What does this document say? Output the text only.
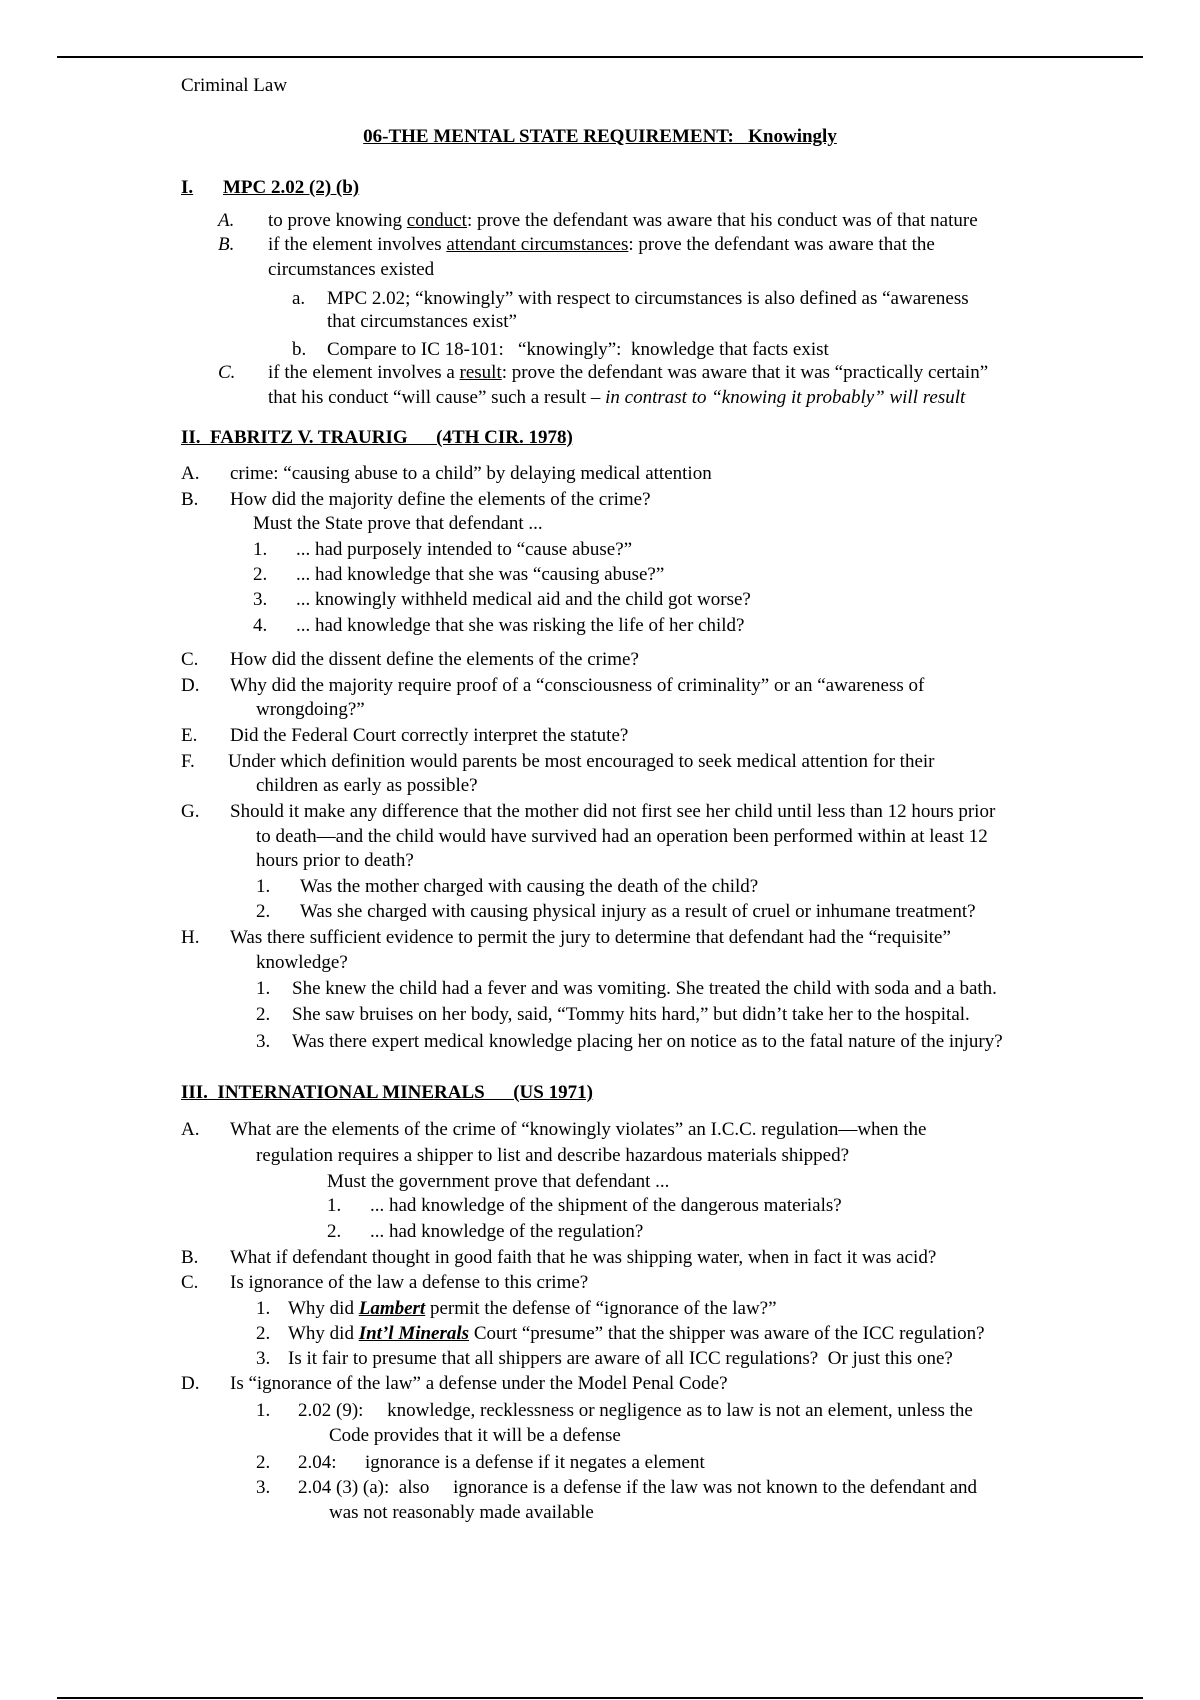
Criminal Law
06-THE MENTAL STATE REQUIREMENT:   Knowingly
I. MPC 2.02 (2) (b)
A. to prove knowing conduct: prove the defendant was aware that his conduct was of that nature
B. if the element involves attendant circumstances: prove the defendant was aware that the
circumstances existed
a. MPC 2.02; “knowingly” with respect to circumstances is also defined as “awareness
that circumstances exist”
b. Compare to IC 18-101:   “knowingly”:  knowledge that facts exist
C. if the element involves a result: prove the defendant was aware that it was “practically certain”
that his conduct “will cause” such a result – in contrast to “knowing it probably” will result
II.  FABRITZ V. TRAURIG      (4TH CIR. 1978)
A. crime: “causing abuse to a child” by delaying medical attention
B. How did the majority define the elements of the crime?
Must the State prove that defendant ...
1. ... had purposely intended to “cause abuse?”
2. ... had knowledge that she was “causing abuse?”
3. ... knowingly withheld medical aid and the child got worse?
4. ... had knowledge that she was risking the life of her child?
C. How did the dissent define the elements of the crime?
D. Why did the majority require proof of a “consciousness of criminality” or an “awareness of
wrongdoing?”
E. Did the Federal Court correctly interpret the statute?
F. Under which definition would parents be most encouraged to seek medical attention for their
children as early as possible?
G. Should it make any difference that the mother did not first see her child until less than 12 hours prior
to death—and the child would have survived had an operation been performed within at least 12
hours prior to death?
1. Was the mother charged with causing the death of the child?
2. Was she charged with causing physical injury as a result of cruel or inhumane treatment?
H. Was there sufficient evidence to permit the jury to determine that defendant had the “requisite”
knowledge?
1. She knew the child had a fever and was vomiting. She treated the child with soda and a bath.
2. She saw bruises on her body, said, “Tommy hits hard,” but didn’t take her to the hospital.
3. Was there expert medical knowledge placing her on notice as to the fatal nature of the injury?
III.  INTERNATIONAL MINERALS      (US 1971)
A. What are the elements of the crime of “knowingly violates” an I.C.C. regulation—when the
regulation requires a shipper to list and describe hazardous materials shipped?
Must the government prove that defendant ...
1. ... had knowledge of the shipment of the dangerous materials?
2. ... had knowledge of the regulation?
B. What if defendant thought in good faith that he was shipping water, when in fact it was acid?
C. Is ignorance of the law a defense to this crime?
1. Why did Lambert permit the defense of “ignorance of the law?”
2. Why did Int’l Minerals Court “presume” that the shipper was aware of the ICC regulation?
3. Is it fair to presume that all shippers are aware of all ICC regulations?  Or just this one?
D. Is “ignorance of the law” a defense under the Model Penal Code?
1. 2.02 (9):     knowledge, recklessness or negligence as to law is not an element, unless the
Code provides that it will be a defense
2. 2.04:      ignorance is a defense if it negates a element
3. 2.04 (3) (a):  also     ignorance is a defense if the law was not known to the defendant and
was not reasonably made available
